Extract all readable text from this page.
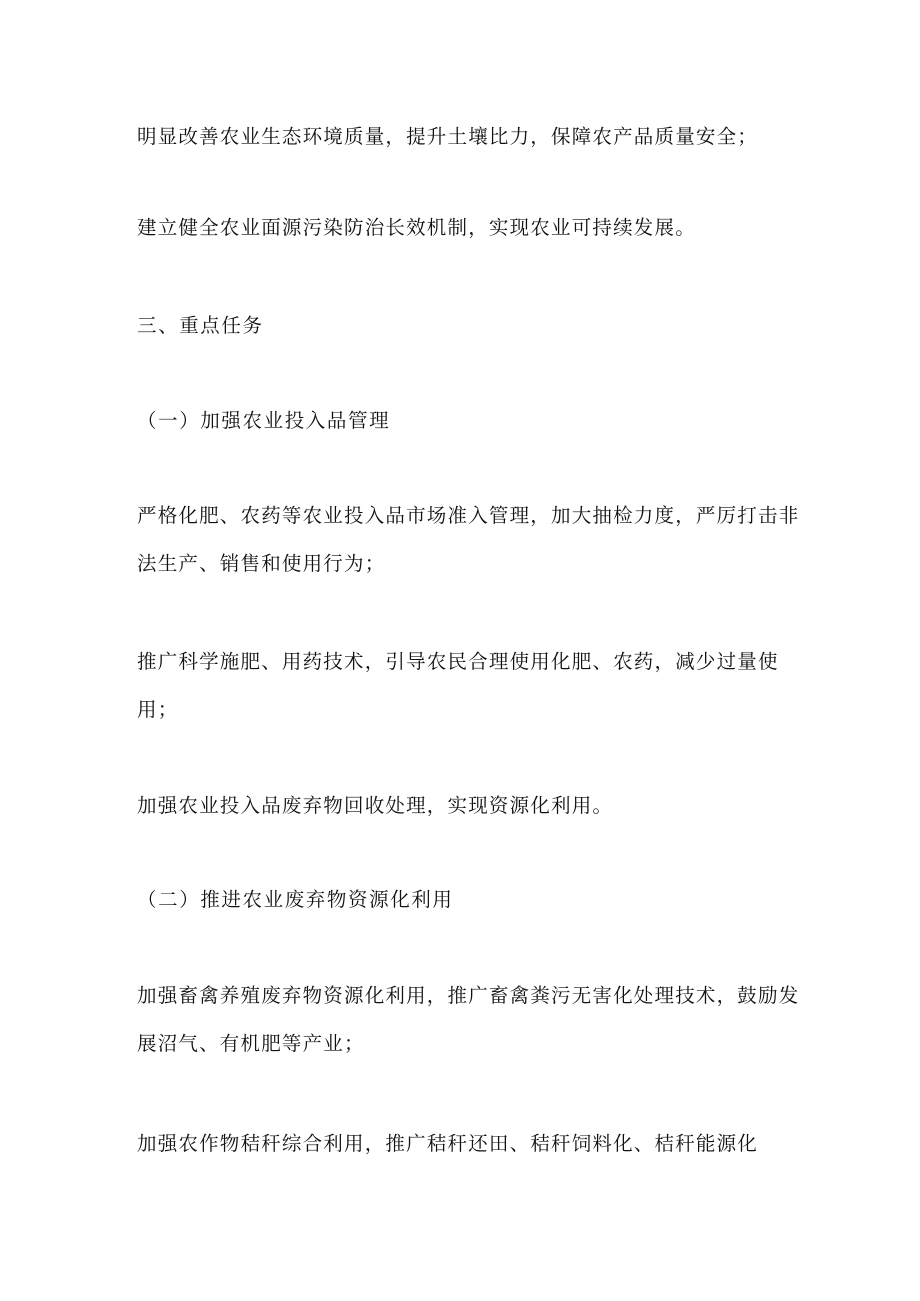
明显改善农业生态环境质量，提升土壤比力，保障农产品质量安全；

建立健全农业面源污染防治长效机制，实现农业可持续发展。

三、重点任务

（一）加强农业投入品管理

严格化肥、农药等农业投入品市场准入管理，加大抽检力度，严厉打击非
法生产、销售和使用行为；

推广科学施肥、用药技术，引导农民合理使用化肥、农药，减少过量使
用；

加强农业投入品废弃物回收处理，实现资源化利用。

（二）推进农业废弃物资源化利用

加强畜禽养殖废弃物资源化利用，推广畜禽粪污无害化处理技术，鼓励发
展沼气、有机肥等产业；

加强农作物秸秆综合利用，推广秸秆还田、秸秆饲料化、桔秆能源化
